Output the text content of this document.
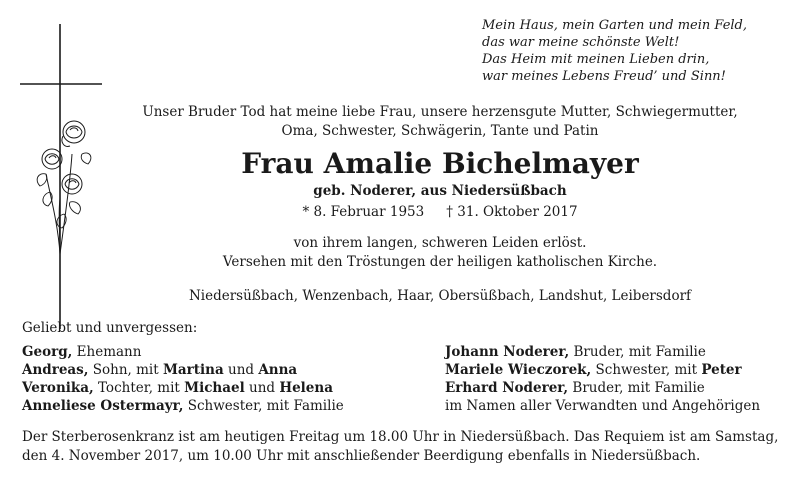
Mein Haus, mein Garten und mein Feld,
das war meine schönste Welt!
Das Heim mit meinen Lieben drin,
war meines Lebens Freud’ und Sinn!
Unser Bruder Tod hat meine liebe Frau, unsere herzensgute Mutter, Schwiegermutter,
Oma, Schwester, Schwägerin, Tante und Patin
Frau Amalie Bichelmayer
geb. Noderer, aus Niedersüßbach
* 8. Februar 1953 † 31. Oktober 2017
von ihrem langen, schweren Leiden erlöst.
Versehen mit den Tröstungen der heiligen katholischen Kirche.
Niedersüßbach, Wenzenbach, Haar, Obersüßbach, Landshut, Leibersdorf
Geliebt und unvergessen:
Georg, Ehemann
Andreas, Sohn, mit Martina und Anna
Veronika, Tochter, mit Michael und Helena
Anneliese Ostermayr, Schwester, mit Familie
Johann Noderer, Bruder, mit Familie
Mariele Wieczorek, Schwester, mit Peter
Erhard Noderer, Bruder, mit Familie
im Namen aller Verwandten und Angehörigen
Der Sterberosenkranz ist am heutigen Freitag um 18.00 Uhr in Niedersüßbach. Das Requiem ist am Samstag,
den 4. November 2017, um 10.00 Uhr mit anschließender Beerdigung ebenfalls in Niedersüßbach.
